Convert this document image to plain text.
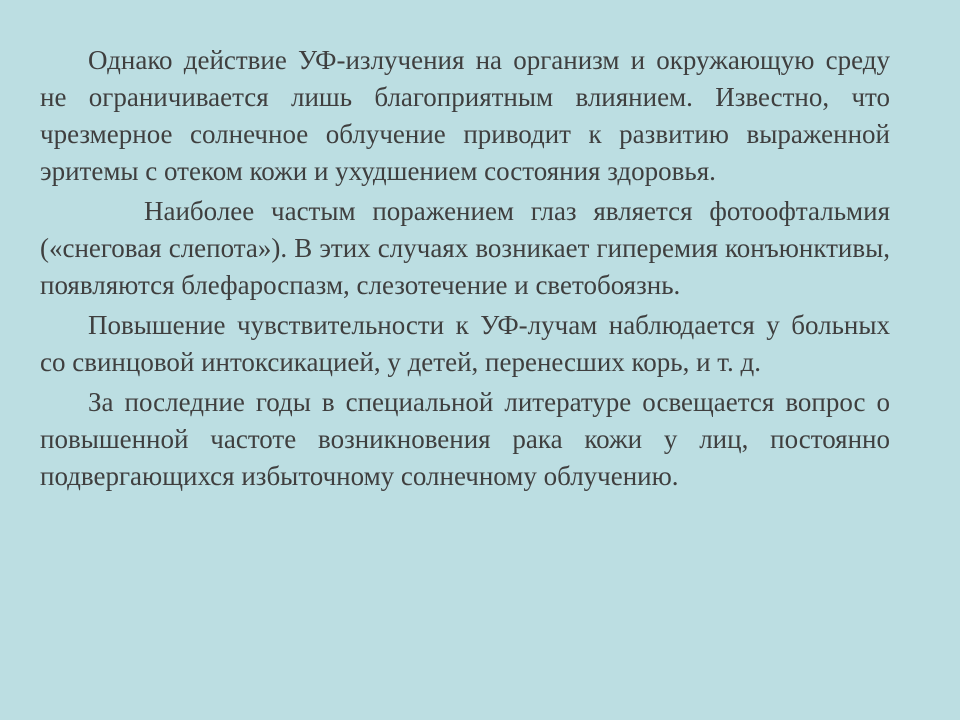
Однако действие УФ-излучения на организм и окружающую среду не ограничивается лишь благоприятным влиянием. Известно, что чрезмерное солнечное облучение приводит к развитию выраженной эритемы с отеком кожи и ухудшением состояния здоровья.

Наиболее частым поражением глаз является фотоофтальмия («снеговая слепота»). В этих случаях возникает гиперемия конъюнктивы, появляются блефароспазм, слезотечение и светобоязнь.

Повышение чувствительности к УФ-лучам наблюдается у больных со свинцовой интоксикацией, у детей, перенесших корь, и т. д.

За последние годы в специальной литературе освещается вопрос о повышенной частоте возникновения рака кожи у лиц, постоянно подвергающихся избыточному солнечному облучению.
